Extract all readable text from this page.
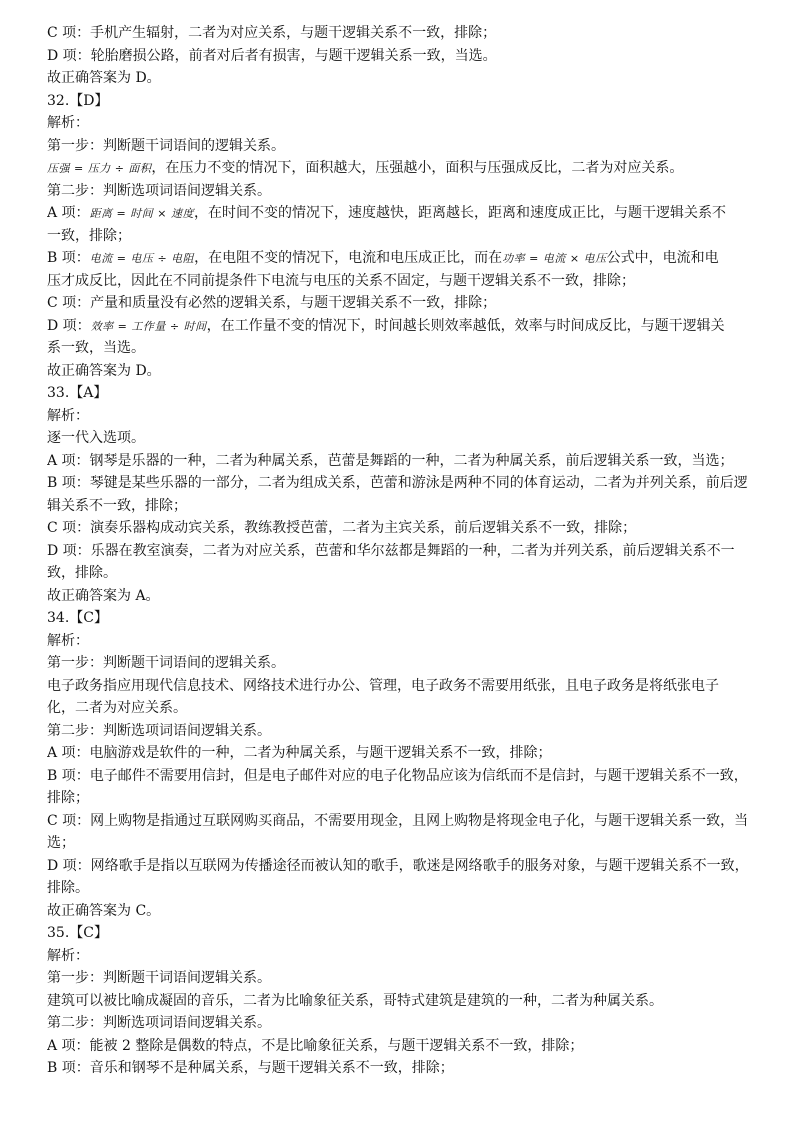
C 项：手机产生辐射，二者为对应关系，与题干逻辑关系不一致，排除；
D 项：轮胎磨损公路，前者对后者有损害，与题干逻辑关系一致，当选。
故正确答案为 D。
32.【D】
解析：
第一步：判断题干词语间的逻辑关系。
压强 = 压力 ÷ 面积，在压力不变的情况下，面积越大，压强越小，面积与压强成反比，二者为对应关系。
第二步：判断选项词语间逻辑关系。
A 项：距离 = 时间 × 速度，在时间不变的情况下，速度越快，距离越长，距离和速度成正比，与题干逻辑关系不
一致，排除；
B 项：电流 = 电压 ÷ 电阻，在电阻不变的情况下，电流和电压成正比，而在功率 = 电流 × 电压公式中，电流和电
压才成反比，因此在不同前提条件下电流与电压的关系不固定，与题干逻辑关系不一致，排除；
C 项：产量和质量没有必然的逻辑关系，与题干逻辑关系不一致，排除；
D 项：效率 = 工作量 ÷ 时间，在工作量不变的情况下，时间越长则效率越低，效率与时间成反比，与题干逻辑关
系一致，当选。
故正确答案为 D。
33.【A】
解析：
逐一代入选项。
A 项：钢琴是乐器的一种，二者为种属关系，芭蕾是舞蹈的一种，二者为种属关系，前后逻辑关系一致，当选；
B 项：琴键是某些乐器的一部分，二者为组成关系，芭蕾和游泳是两种不同的体育运动，二者为并列关系，前后逻
辑关系不一致，排除；
C 项：演奏乐器构成动宾关系，教练教授芭蕾，二者为主宾关系，前后逻辑关系不一致，排除；
D 项：乐器在教室演奏，二者为对应关系，芭蕾和华尔兹都是舞蹈的一种，二者为并列关系，前后逻辑关系不一
致，排除。
故正确答案为 A。
34.【C】
解析：
第一步：判断题干词语间的逻辑关系。
电子政务指应用现代信息技术、网络技术进行办公、管理，电子政务不需要用纸张，且电子政务是将纸张电子
化，二者为对应关系。
第二步：判断选项词语间逻辑关系。
A 项：电脑游戏是软件的一种，二者为种属关系，与题干逻辑关系不一致，排除；
B 项：电子邮件不需要用信封，但是电子邮件对应的电子化物品应该为信纸而不是信封，与题干逻辑关系不一致，
排除；
C 项：网上购物是指通过互联网购买商品，不需要用现金，且网上购物是将现金电子化，与题干逻辑关系一致，当
选；
D 项：网络歌手是指以互联网为传播途径而被认知的歌手，歌迷是网络歌手的服务对象，与题干逻辑关系不一致，
排除。
故正确答案为 C。
35.【C】
解析：
第一步：判断题干词语间逻辑关系。
建筑可以被比喻成凝固的音乐，二者为比喻象征关系，哥特式建筑是建筑的一种，二者为种属关系。
第二步：判断选项词语间逻辑关系。
A 项：能被 2 整除是偶数的特点，不是比喻象征关系，与题干逻辑关系不一致，排除；
B 项：音乐和钢琴不是种属关系，与题干逻辑关系不一致，排除；
